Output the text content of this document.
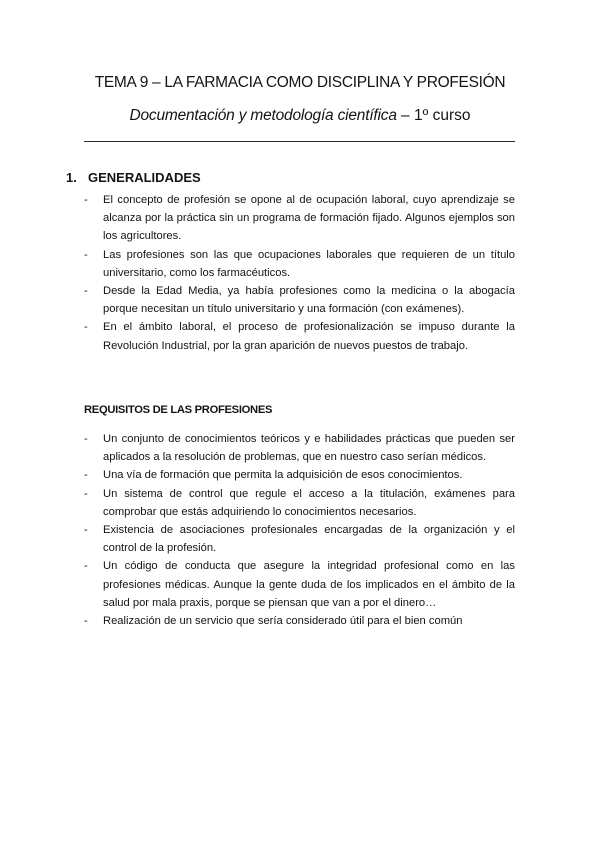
TEMA 9 – LA FARMACIA COMO DISCIPLINA Y PROFESIÓN

Documentación y metodología científica – 1º curso

1. GENERALIDADES
- El concepto de profesión se opone al de ocupación laboral, cuyo aprendizaje se alcanza por la práctica sin un programa de formación fijado. Algunos ejemplos son los agricultores.
- Las profesiones son las que ocupaciones laborales que requieren de un título universitario, como los farmacéuticos.
- Desde la Edad Media, ya había profesiones como la medicina o la abogacía porque necesitan un título universitario y una formación (con exámenes).
- En el ámbito laboral, el proceso de profesionalización se impuso durante la Revolución Industrial, por la gran aparición de nuevos puestos de trabajo.
REQUISITOS DE LAS PROFESIONES
- Un conjunto de conocimientos teóricos y e habilidades prácticas que pueden ser aplicados a la resolución de problemas, que en nuestro caso serían médicos.
- Una vía de formación que permita la adquisición de esos conocimientos.
- Un sistema de control que regule el acceso a la titulación, exámenes para comprobar que estás adquiriendo lo conocimientos necesarios.
- Existencia de asociaciones profesionales encargadas de la organización y el control de la profesión.
- Un código de conducta que asegure la integridad profesional como en las profesiones médicas. Aunque la gente duda de los implicados en el ámbito de la salud por mala praxis, porque se piensan que van a por el dinero…
- Realización de un servicio que sería considerado útil para el bien común
